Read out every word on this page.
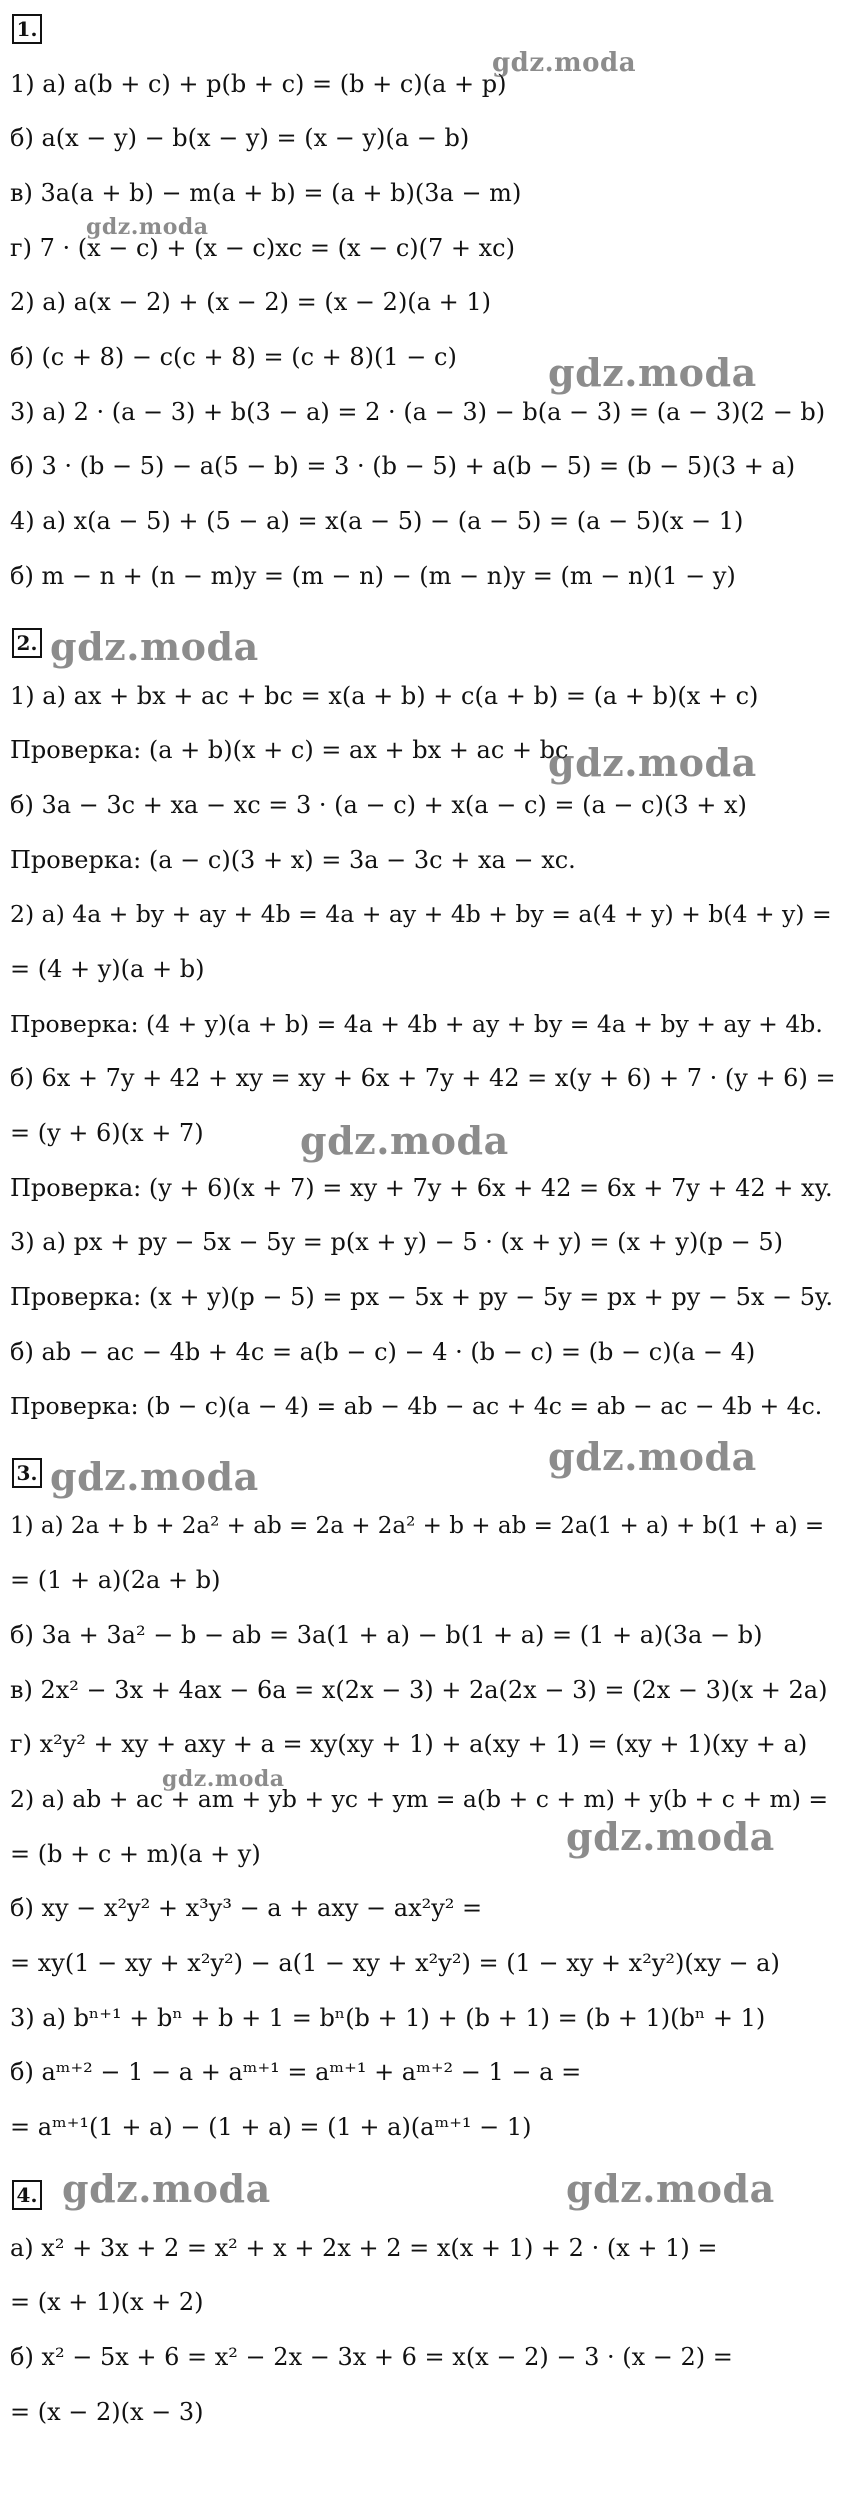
1.
1) а) a(b + c) + p(b + c) = (b + c)(a + p)
б) a(x − y) − b(x − y) = (x − y)(a − b)
в) 3a(a + b) − m(a + b) = (a + b)(3a − m)
г) 7 · (x − c) + (x − c)xc = (x − c)(7 + xc)
2) а) a(x − 2) + (x − 2) = (x − 2)(a + 1)
б) (c + 8) − c(c + 8) = (c + 8)(1 − c)
3) а) 2 · (a − 3) + b(3 − a) = 2 · (a − 3) − b(a − 3) = (a − 3)(2 − b)
б) 3 · (b − 5) − a(5 − b) = 3 · (b − 5) + a(b − 5) = (b − 5)(3 + a)
4) а) x(a − 5) + (5 − a) = x(a − 5) − (a − 5) = (a − 5)(x − 1)
б) m − n + (n − m)y = (m − n) − (m − n)y = (m − n)(1 − y)
2.
1) а) ax + bx + ac + bc = x(a + b) + c(a + b) = (a + b)(x + c)
Проверка: (a + b)(x + c) = ax + bx + ac + bc
б) 3a − 3c + xa − xc = 3 · (a − c) + x(a − c) = (a − c)(3 + x)
Проверка: (a − c)(3 + x) = 3a − 3c + xa − xc.
2) а) 4a + by + ay + 4b = 4a + ay + 4b + by = a(4 + y) + b(4 + y) =
= (4 + y)(a + b)
Проверка: (4 + y)(a + b) = 4a + 4b + ay + by = 4a + by + ay + 4b.
б) 6x + 7y + 42 + xy = xy + 6x + 7y + 42 = x(y + 6) + 7 · (y + 6) =
= (y + 6)(x + 7)
Проверка: (y + 6)(x + 7) = xy + 7y + 6x + 42 = 6x + 7y + 42 + xy.
3) а) px + py − 5x − 5y = p(x + y) − 5 · (x + y) = (x + y)(p − 5)
Проверка: (x + y)(p − 5) = px − 5x + py − 5y = px + py − 5x − 5y.
б) ab − ac − 4b + 4c = a(b − c) − 4 · (b − c) = (b − c)(a − 4)
Проверка: (b − c)(a − 4) = ab − 4b − ac + 4c = ab − ac − 4b + 4c.
3.
1) а) 2a + b + 2a² + ab = 2a + 2a² + b + ab = 2a(1 + a) + b(1 + a) =
= (1 + a)(2a + b)
б) 3a + 3a² − b − ab = 3a(1 + a) − b(1 + a) = (1 + a)(3a − b)
в) 2x² − 3x + 4ax − 6a = x(2x − 3) + 2a(2x − 3) = (2x − 3)(x + 2a)
г) x²y² + xy + axy + a = xy(xy + 1) + a(xy + 1) = (xy + 1)(xy + a)
2) а) ab + ac + am + yb + yc + ym = a(b + c + m) + y(b + c + m) =
= (b + c + m)(a + y)
б) xy − x²y² + x³y³ − a + axy − ax²y² =
= xy(1 − xy + x²y²) − a(1 − xy + x²y²) = (1 − xy + x²y²)(xy − a)
3) а) bⁿ⁺¹ + bⁿ + b + 1 = bⁿ(b + 1) + (b + 1) = (b + 1)(bⁿ + 1)
б) aᵐ⁺² − 1 − a + aᵐ⁺¹ = aᵐ⁺¹ + aᵐ⁺² − 1 − a =
= aᵐ⁺¹(1 + a) − (1 + a) = (1 + a)(aᵐ⁺¹ − 1)
4.
а) x² + 3x + 2 = x² + x + 2x + 2 = x(x + 1) + 2 · (x + 1) =
= (x + 1)(x + 2)
б) x² − 5x + 6 = x² − 2x − 3x + 6 = x(x − 2) − 3 · (x − 2) =
= (x − 2)(x − 3)
gdz.moda
gdz.moda
gdz.moda
gdz.moda
gdz.moda
gdz.moda
gdz.moda	gdz.moda
gdz.moda
gdz.moda
gdz.moda	gdz.moda
